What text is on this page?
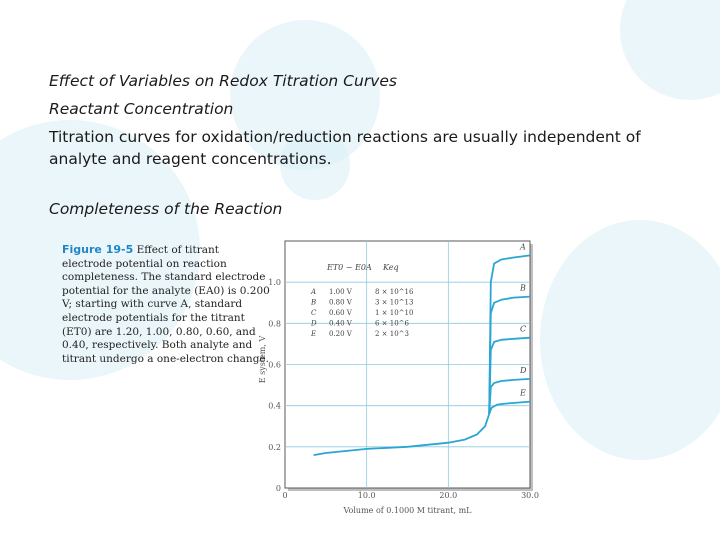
Effect of Variables on Redox Titration Curves
Reactant Concentration
Titration curves for oxidation/reduction reactions are usually independent of analyte and reagent concentrations.
Completeness of the Reaction
Figure 19-5 Effect of titrant electrode potential on reaction completeness. The standard electrode potential for the analyte (EA0) is 0.200 V; starting with curve A, standard electrode potentials for the titrant (ET0) are 1.20, 1.00, 0.80, 0.60, and 0.40, respectively. Both analyte and titrant undergo a one-electron change.
0	10.0	20.0	30.0
0
0.2
0.4
0.6
0.8
1.0
Volume of 0.1000 M titrant, mL
E system, V
ET0 − E0A Keq
A 1.00 V	8 × 10^16
B 0.80 V	3 × 10^13
C 0.60 V	1 × 10^10
D 0.40 V	6 × 10^6
E 0.20 V	2 × 10^3
A
B
C
D
E
